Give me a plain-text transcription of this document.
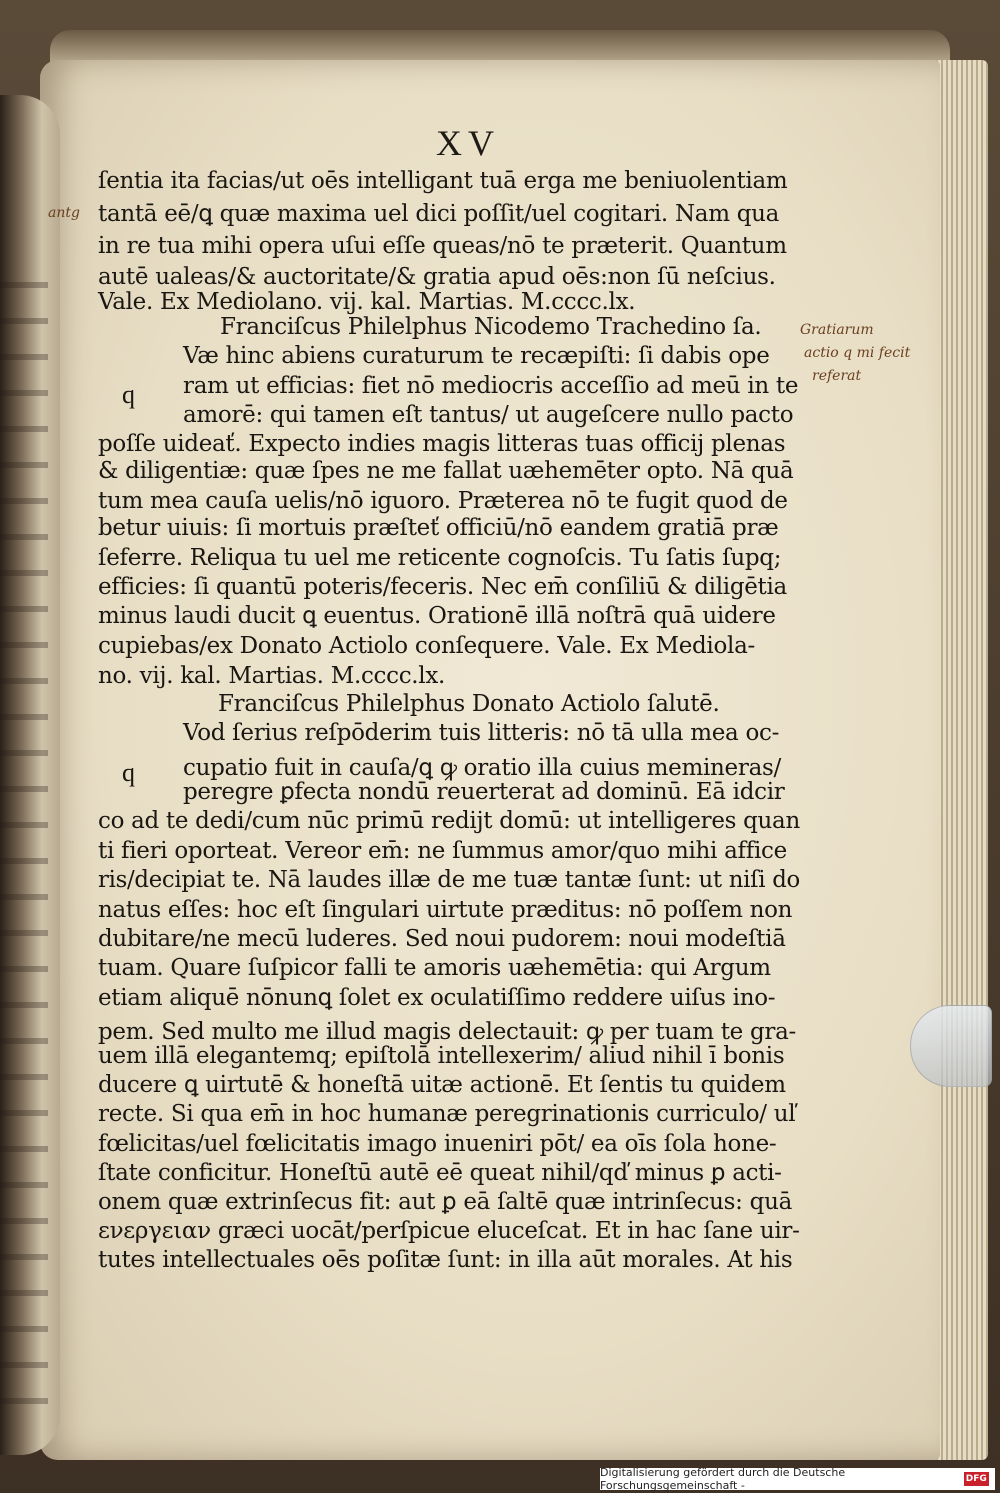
XV
ſentia ita facias/ut oēs intelligant tuā erga me beniuolentiam
tantā eē/ꝗ quæ maxima uel dici poſſit/uel cogitari. Nam qua
in re tua mihi opera uſui eſſe queas/nō te præterit. Quantum
autē ualeas/& auctoritate/& gratia apud oēs:non ſū neſcius.
Vale. Ex Mediolano. vij. kal. Martias. M.cccc.lx.
Franciſcus Philelphus Nicodemo Trachedino ſa.
Væ hinc abiens curaturum te recæpiſti: ſi dabis ope
ram ut efficias: fiet nō mediocris acceſſio ad meū in te
amorē: qui tamen eſt tantus/ ut augeſcere nullo pacto
poſſe uideať. Expecto indies magis litteras tuas officij plenas
& diligentiæ: quæ ſpes ne me fallat uæhemēter opto. Nā quā
tum mea cauſa uelis/nō iguoro. Præterea nō te fugit quod de
betur uiuis: ſi mortuis præſteť officiū/nō eandem gratiā præ
ſeferre. Reliqua tu uel me reticente cognoſcis. Tu ſatis ſupq;
efficies: ſi quantū poteris/feceris. Nec em̄ conſiliū & diligētia
minus laudi ducit ꝗ euentus. Orationē illā noſtrā quā uidere
cupiebas/ex Donato Actiolo conſequere. Vale. Ex Mediola-
no. vij. kal. Martias. M.cccc.lx.
Franciſcus Philelphus Donato Actiolo ſalutē.
Vod ſerius reſpōderim tuis litteris: nō tā ulla mea oc-
cupatio fuit in cauſa/ꝗ ꝙ oratio illa cuius memineras/
peregre ꝑfecta nondū reuerterat ad dominū. Eā idcir
co ad te dedi/cum nūc primū redijt domū: ut intelligeres quan
ti fieri oporteat. Vereor em̄: ne ſummus amor/quo mihi affice
ris/decipiat te. Nā laudes illæ de me tuæ tantæ ſunt: ut niſi do
natus eſſes: hoc eſt ſingulari uirtute præditus: nō poſſem non
dubitare/ne mecū luderes. Sed noui pudorem: noui modeſtiā
tuam. Quare ſuſpicor falli te amoris uæhemētia: qui Argum
etiam aliquē nōnunꝗ ſolet ex oculatiſſimo reddere uiſus ino-
pem. Sed multo me illud magis delectauit: ꝙ per tuam te gra-
uem illā elegantemq; epiſtolā intellexerim/ aliud nihil ī bonis
ducere ꝗ uirtutē & honeſtā uitæ actionē. Et ſentis tu quidem
recte. Si qua em̄ in hoc humanæ peregrinationis curriculo/ uľ
fœlicitas/uel fœlicitatis imago inueniri pōt/ ea oīs ſola hone-
ſtate conficitur. Honeſtū autē eē queat nihil/qď minus ꝑ acti-
onem quæ extrinſecus fit: aut ꝑ eā ſaltē quæ intrinſecus: quā
ενεργειαν græci uocāt/perſpicue eluceſcat. Et in hac ſane uir-
tutes intellectuales oēs poſitæ ſunt: in illa aūt morales. At his
q
q
antg
Gratiarum
actio q mi fecit
referat
Digitalisierung gefördert durch die Deutsche Forschungsgemeinschaft -	DFG
